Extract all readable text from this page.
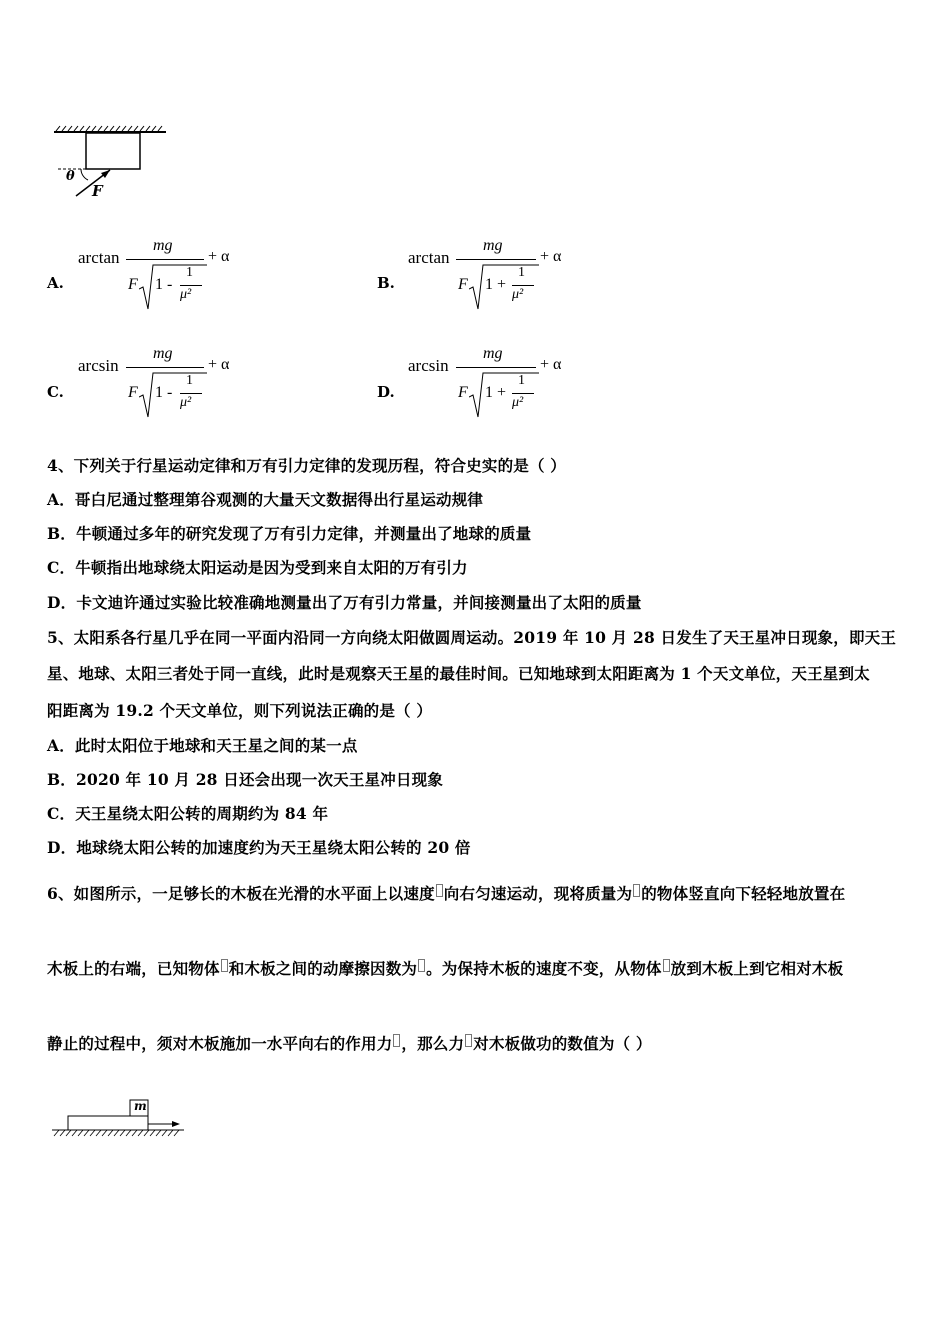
θ
F
A.
arctan
mg
+ α
F 1 -
1
μ²
B.
arctan
mg
+ α
F 1 +
1
μ²
C.
arcsin
mg
+ α
F 1 -
1
μ²
D.
arcsin
mg
+ α
F 1 +
1
μ²
4、下列关于行星运动定律和万有引力定律的发现历程，符合史实的是（ ）
A．哥白尼通过整理第谷观测的大量天文数据得出行星运动规律
B．牛顿通过多年的研究发现了万有引力定律，并测量出了地球的质量
C．牛顿指出地球绕太阳运动是因为受到来自太阳的万有引力
D．卡文迪许通过实验比较准确地测量出了万有引力常量，并间接测量出了太阳的质量
5、太阳系各行星几乎在同一平面内沿同一方向绕太阳做圆周运动。2019 年 10 月 28 日发生了天王星冲日现象，即天王
星、地球、太阳三者处于同一直线，此时是观察天王星的最佳时间。已知地球到太阳距离为 1 个天文单位，天王星到太
阳距离为 19.2 个天文单位，则下列说法正确的是（ ）
A．此时太阳位于地球和天王星之间的某一点
B．2020 年 10 月 28 日还会出现一次天王星冲日现象
C．天王星绕太阳公转的周期约为 84 年
D．地球绕太阳公转的加速度约为天王星绕太阳公转的 20 倍
6、如图所示，一足够长的木板在光滑的水平面上以速度 向右匀速运动，现将质量为 的物体竖直向下轻轻地放置在
木板上的右端，已知物体 和木板之间的动摩擦因数为 。为保持木板的速度不变，从物体 放到木板上到它相对木板
静止的过程中，须对木板施加一水平向右的作用力 ，那么力 对木板做功的数值为（ ）
m
